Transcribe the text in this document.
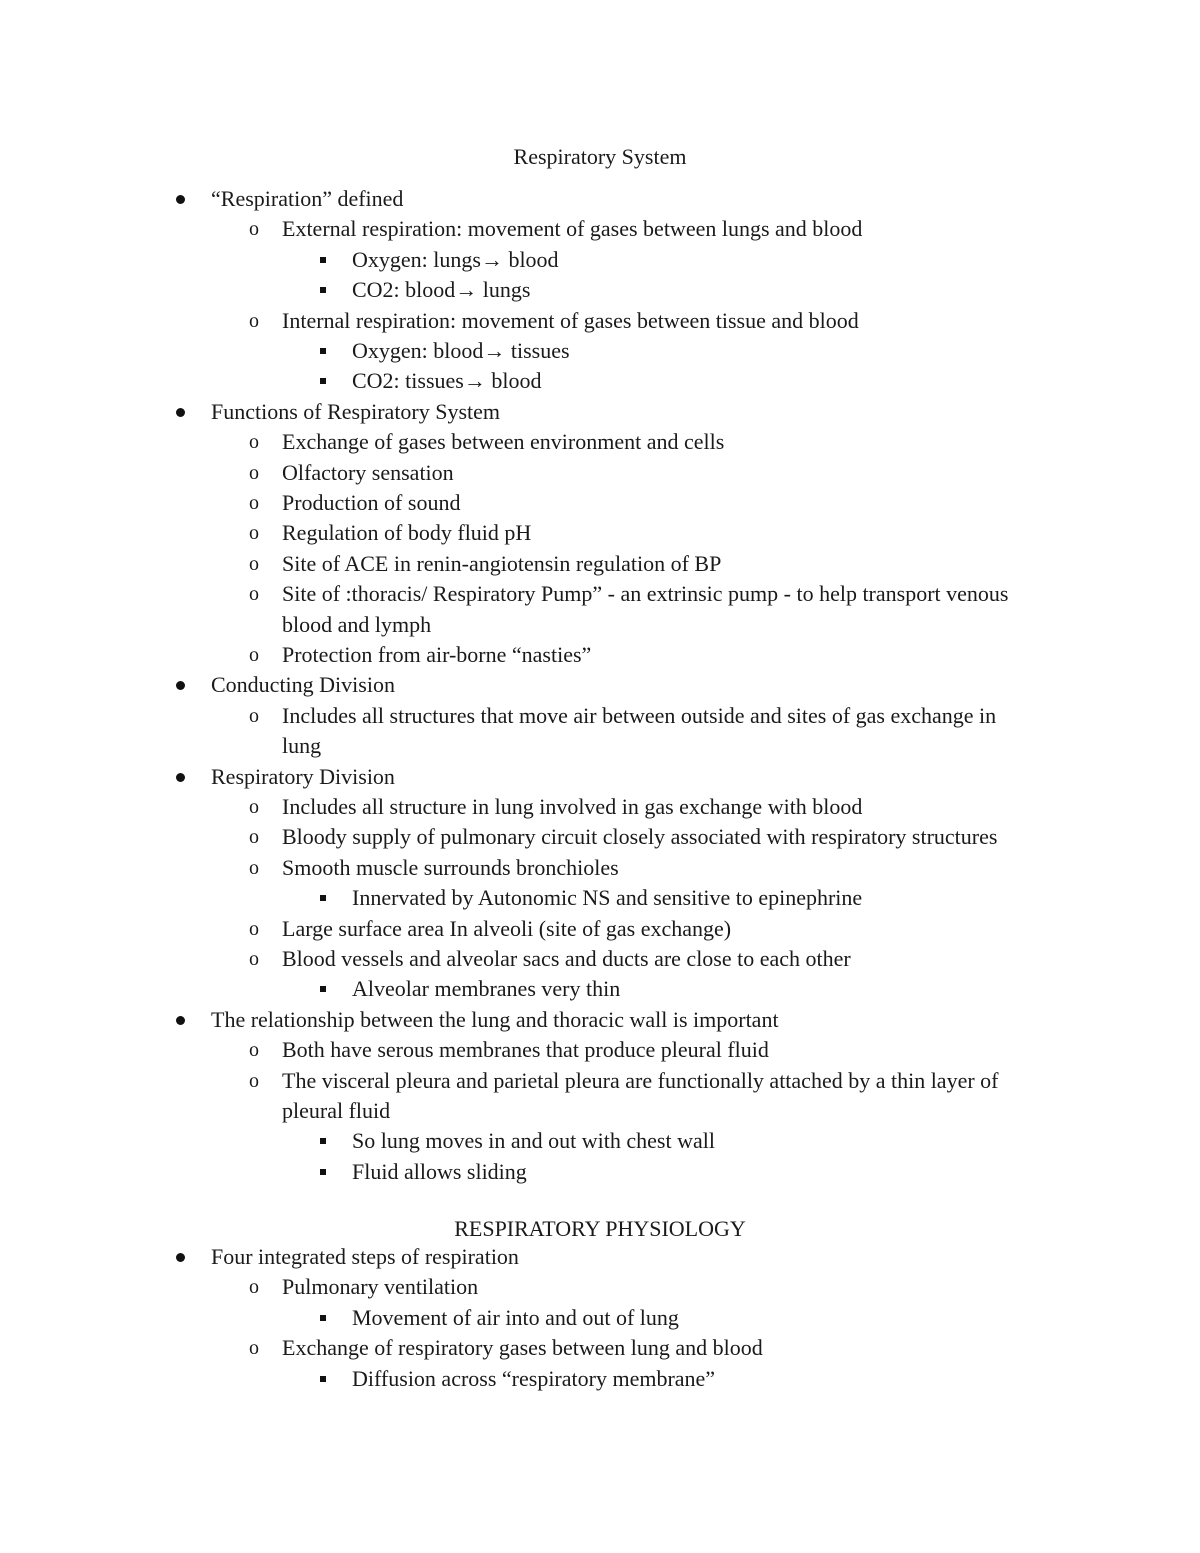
Respiratory System
“Respiration” defined
External respiration: movement of gases between lungs and blood
o
Oxygen: lungs→ blood
CO2: blood→ lungs
Internal respiration: movement of gases between tissue and blood
o
Oxygen: blood→ tissues
CO2: tissues→ blood
Functions of Respiratory System
Exchange of gases between environment and cells
o
Olfactory sensation
o
Production of sound
o
Regulation of body fluid pH
o
Site of ACE in renin-angiotensin regulation of BP
o
Site of :thoracis/ Respiratory Pump” - an extrinsic pump - to help transport venous
o
blood and lymph
Protection from air-borne “nasties”
o
Conducting Division
Includes all structures that move air between outside and sites of gas exchange in
o
lung
Respiratory Division
Includes all structure in lung involved in gas exchange with blood
o
Bloody supply of pulmonary circuit closely associated with respiratory structures
o
Smooth muscle surrounds bronchioles
o
Innervated by Autonomic NS and sensitive to epinephrine
Large surface area In alveoli (site of gas exchange)
o
Blood vessels and alveolar sacs and ducts are close to each other
o
Alveolar membranes very thin
The relationship between the lung and thoracic wall is important
Both have serous membranes that produce pleural fluid
o
The visceral pleura and parietal pleura are functionally attached by a thin layer of
o
pleural fluid
So lung moves in and out with chest wall
Fluid allows sliding
RESPIRATORY PHYSIOLOGY
Four integrated steps of respiration
Pulmonary ventilation
o
Movement of air into and out of lung
Exchange of respiratory gases between lung and blood
o
Diffusion across “respiratory membrane”
